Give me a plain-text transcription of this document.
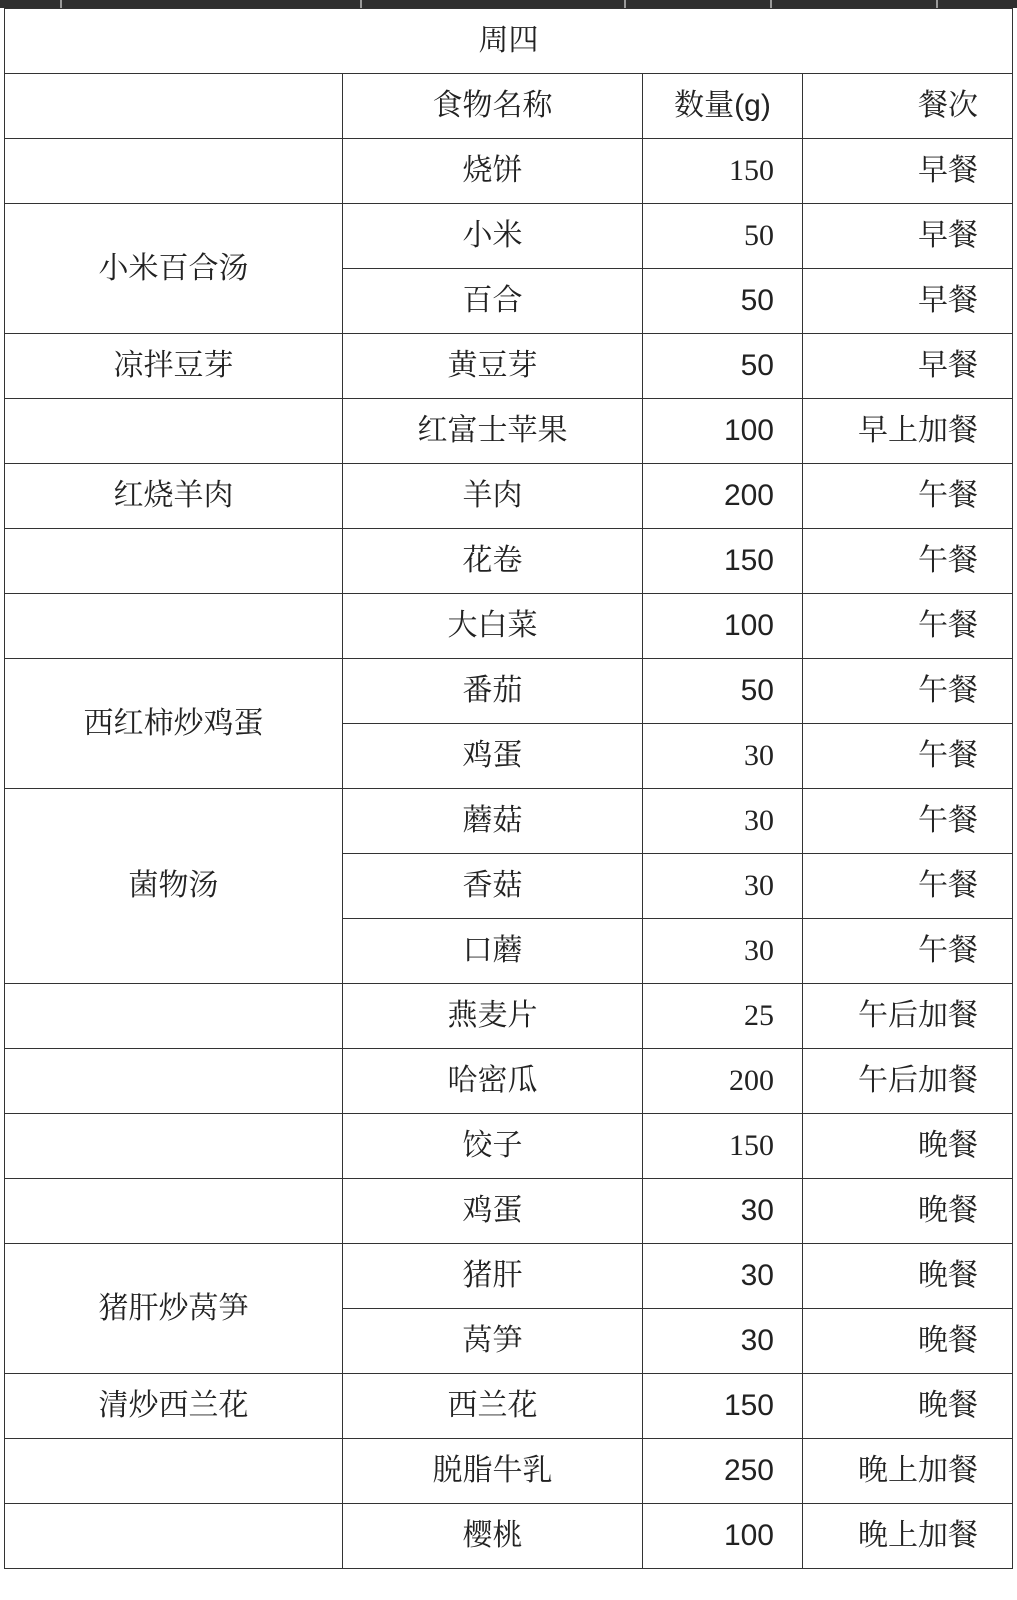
周四			
	食物名称	数量(g)	餐次
	烧饼	150	早餐
小米百合汤	小米	50	早餐
	百合	50	早餐
凉拌豆芽	黄豆芽	50	早餐
	红富士苹果	100	早上加餐
红烧羊肉	羊肉	200	午餐
	花卷	150	午餐
	大白菜	100	午餐
西红柿炒鸡蛋	番茄	50	午餐
	鸡蛋	30	午餐
菌物汤	蘑菇	30	午餐
	香菇	30	午餐
	口蘑	30	午餐
	燕麦片	25	午后加餐
	哈密瓜	200	午后加餐
	饺子	150	晚餐
	鸡蛋	30	晚餐
猪肝炒莴笋	猪肝	30	晚餐
	莴笋	30	晚餐
清炒西兰花	西兰花	150	晚餐
	脱脂牛乳	250	晚上加餐
	樱桃	100	晚上加餐
